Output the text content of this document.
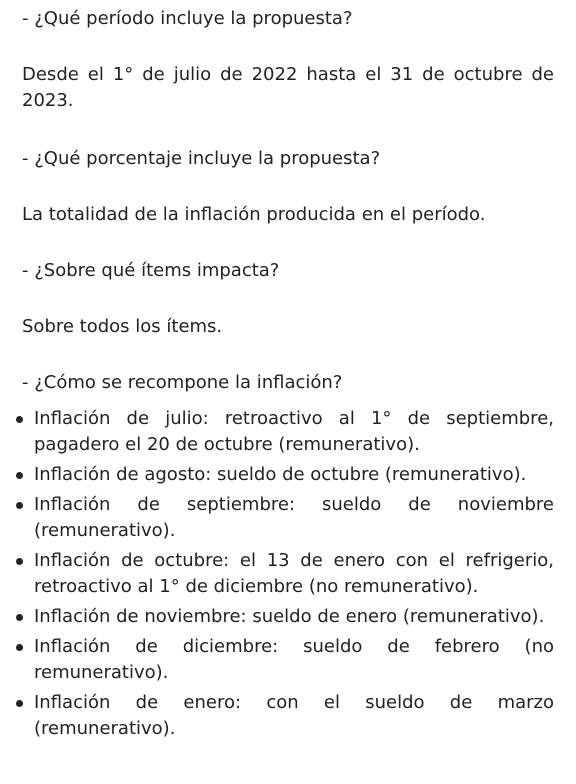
- ¿Qué período incluye la propuesta?

Desde el 1° de julio de 2022 hasta el 31 de octubre de 2023.

- ¿Qué porcentaje incluye la propuesta?

La totalidad de la inflación producida en el período.

- ¿Sobre qué ítems impacta?

Sobre todos los ítems.

- ¿Cómo se recompone la inflación?

Inflación de julio: retroactivo al 1° de septiembre, pagadero el 20 de octubre (remunerativo).
Inflación de agosto: sueldo de octubre (remunerativo).
Inflación de septiembre: sueldo de noviembre (remunerativo).
Inflación de octubre: el 13 de enero con el refrigerio, retroactivo al 1° de diciembre (no remunerativo).
Inflación de noviembre: sueldo de enero (remunerativo).
Inflación de diciembre: sueldo de febrero (no remunerativo).
Inflación de enero: con el sueldo de marzo (remunerativo).
